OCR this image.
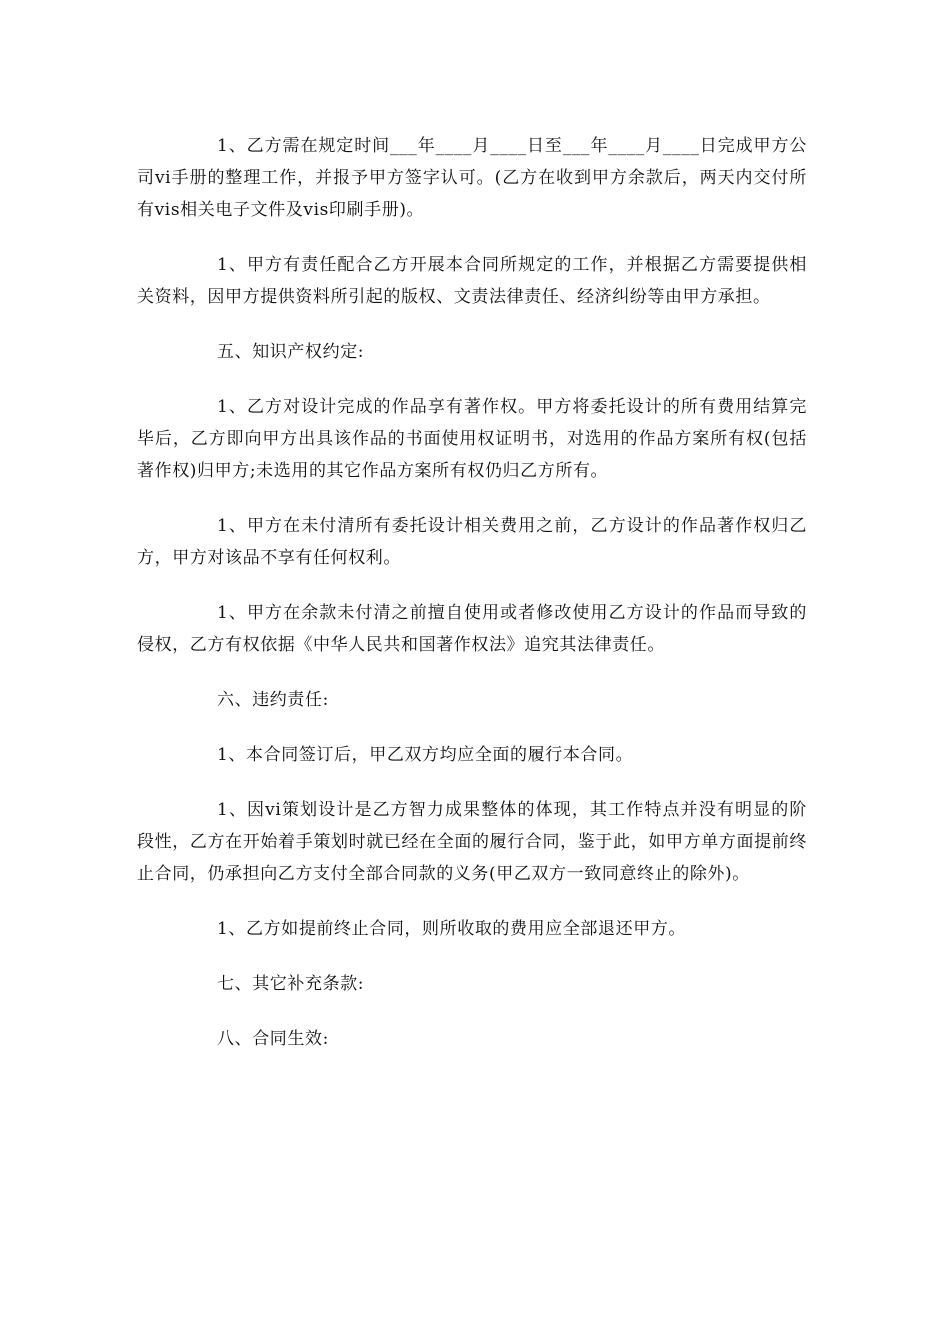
1、乙方需在规定时间___年____月____日至___年____月____日完成甲方公司vi手册的整理工作，并报予甲方签字认可。(乙方在收到甲方余款后，两天内交付所有vis相关电子文件及vis印刷手册)。

1、甲方有责任配合乙方开展本合同所规定的工作，并根据乙方需要提供相关资料，因甲方提供资料所引起的版权、文责法律责任、经济纠纷等由甲方承担。

五、知识产权约定:

1、乙方对设计完成的作品享有著作权。甲方将委托设计的所有费用结算完毕后，乙方即向甲方出具该作品的书面使用权证明书，对选用的作品方案所有权(包括著作权)归甲方;未选用的其它作品方案所有权仍归乙方所有。

1、甲方在未付清所有委托设计相关费用之前，乙方设计的作品著作权归乙方，甲方对该品不享有任何权利。

1、甲方在余款未付清之前擅自使用或者修改使用乙方设计的作品而导致的侵权，乙方有权依据《中华人民共和国著作权法》追究其法律责任。

六、违约责任:

1、本合同签订后，甲乙双方均应全面的履行本合同。

1、因vi策划设计是乙方智力成果整体的体现，其工作特点并没有明显的阶段性，乙方在开始着手策划时就已经在全面的履行合同，鉴于此，如甲方单方面提前终止合同，仍承担向乙方支付全部合同款的义务(甲乙双方一致同意终止的除外)。

1、乙方如提前终止合同，则所收取的费用应全部退还甲方。

七、其它补充条款:

八、合同生效:
